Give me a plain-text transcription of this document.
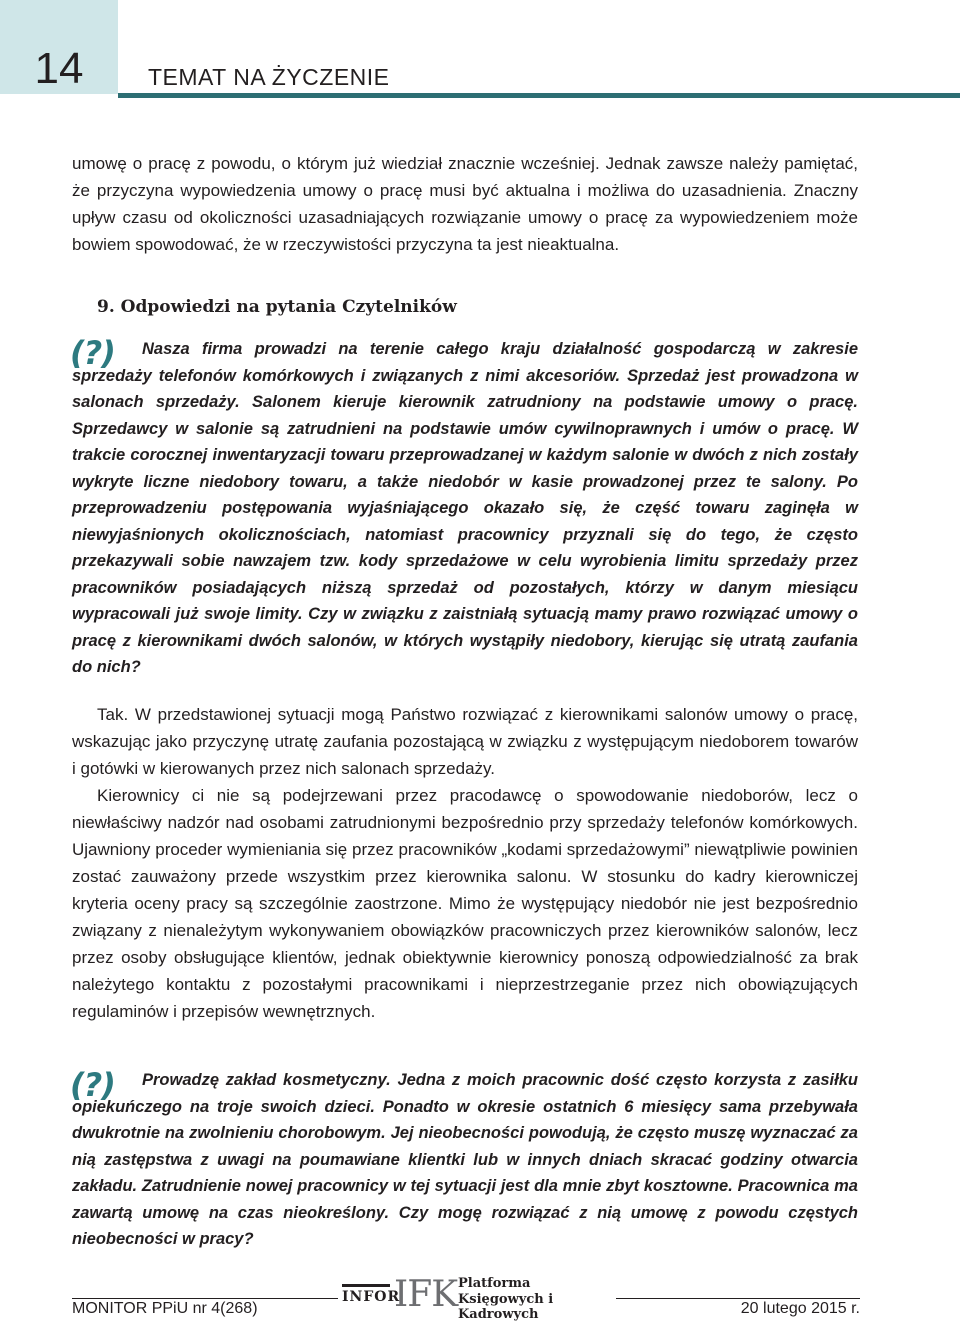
14	TEMAT NA ŻYCZENIE

umowę o pracę z powodu, o którym już wiedział znacznie wcześniej. Jednak zawsze należy pamiętać, że przyczyna wypowiedzenia umowy o pracę musi być aktualna i możliwa do uzasadnienia. Znaczny upływ czasu od okoliczności uzasadniających rozwiązanie umowy o pracę za wypowiedzeniem może bowiem spowodować, że w rzeczywistości przyczyna ta jest nieaktualna.

9. Odpowiedzi na pytania Czytelników
(?)	Nasza firma prowadzi na terenie całego kraju działalność gospodarczą w zakresie sprzedaży telefonów komórkowych i związanych z nimi akcesoriów. Sprzedaż jest prowadzona w salonach sprzedaży. Salonem kieruje kierownik zatrudniony na podstawie umowy o pracę. Sprzedawcy w salonie są zatrudnieni na podstawie umów cywilnoprawnych i umów o pracę. W trakcie corocznej inwentaryzacji towaru przeprowadzanej w każdym salonie w dwóch z nich zostały wykryte liczne niedobory towaru, a także niedobór w kasie prowadzonej przez te salony. Po przeprowadzeniu postępowania wyjaśniającego okazało się, że część towaru zaginęła w niewyjaśnionych okolicznościach, natomiast pracownicy przyznali się do tego, że często przekazywali sobie nawzajem tzw. kody sprzedażowe w celu wyrobienia limitu sprzedaży przez pracowników posiadających niższą sprzedaż od pozostałych, którzy w danym miesiącu wypracowali już swoje limity. Czy w związku z zaistniałą sytuacją mamy prawo rozwiązać umowy o pracę z kierownikami dwóch salonów, w których wystąpiły niedobory, kierując się utratą zaufania do nich?

Tak. W przedstawionej sytuacji mogą Państwo rozwiązać z kierownikami salonów umowy o pracę, wskazując jako przyczynę utratę zaufania pozostającą w związku z występującym niedoborem towarów i gotówki w kierowanych przez nich salonach sprzedaży.

Kierownicy ci nie są podejrzewani przez pracodawcę o spowodowanie niedoborów, lecz o niewłaściwy nadzór nad osobami zatrudnionymi bezpośrednio przy sprzedaży telefonów komórkowych. Ujawniony proceder wymieniania się przez pracowników „kodami sprzedażowymi” niewątpliwie powinien zostać zauważony przede wszystkim przez kierownika salonu. W stosunku do kadry kierowniczej kryteria oceny pracy są szczególnie zaostrzone. Mimo że występujący niedobór nie jest bezpośrednio związany z nienależytym wykonywaniem obowiązków pracowniczych przez kierowników salonów, lecz przez osoby obsługujące klientów, jednak obiektywnie kierownicy ponoszą odpowiedzialność za brak należytego kontaktu z pozostałymi pracownikami i nieprzestrzeganie przez nich obowiązujących regulaminów i przepisów wewnętrznych.

(?)	Prowadzę zakład kosmetyczny. Jedna z moich pracownic dość często korzysta z zasiłku opiekuńczego na troje swoich dzieci. Ponadto w okresie ostatnich 6 miesięcy sama przebywała dwukrotnie na zwolnieniu chorobowym. Jej nieobecności powodują, że często muszę wyznaczać za nią zastępstwa z uwagi na poumawiane klientki lub w innych dniach skracać godziny otwarcia zakładu. Zatrudnienie nowej pracownicy w tej sytuacji jest dla mnie zbyt kosztowne. Pracownica ma zawartą umowę na czas nieokreślony. Czy mogę rozwiązać z nią umowę z powodu częstych nieobecności w pracy?

MONITOR PPiU nr 4(268)	20 lutego 2015 r.
INFOR
IFK Platforma
Księgowych i Kadrowych
